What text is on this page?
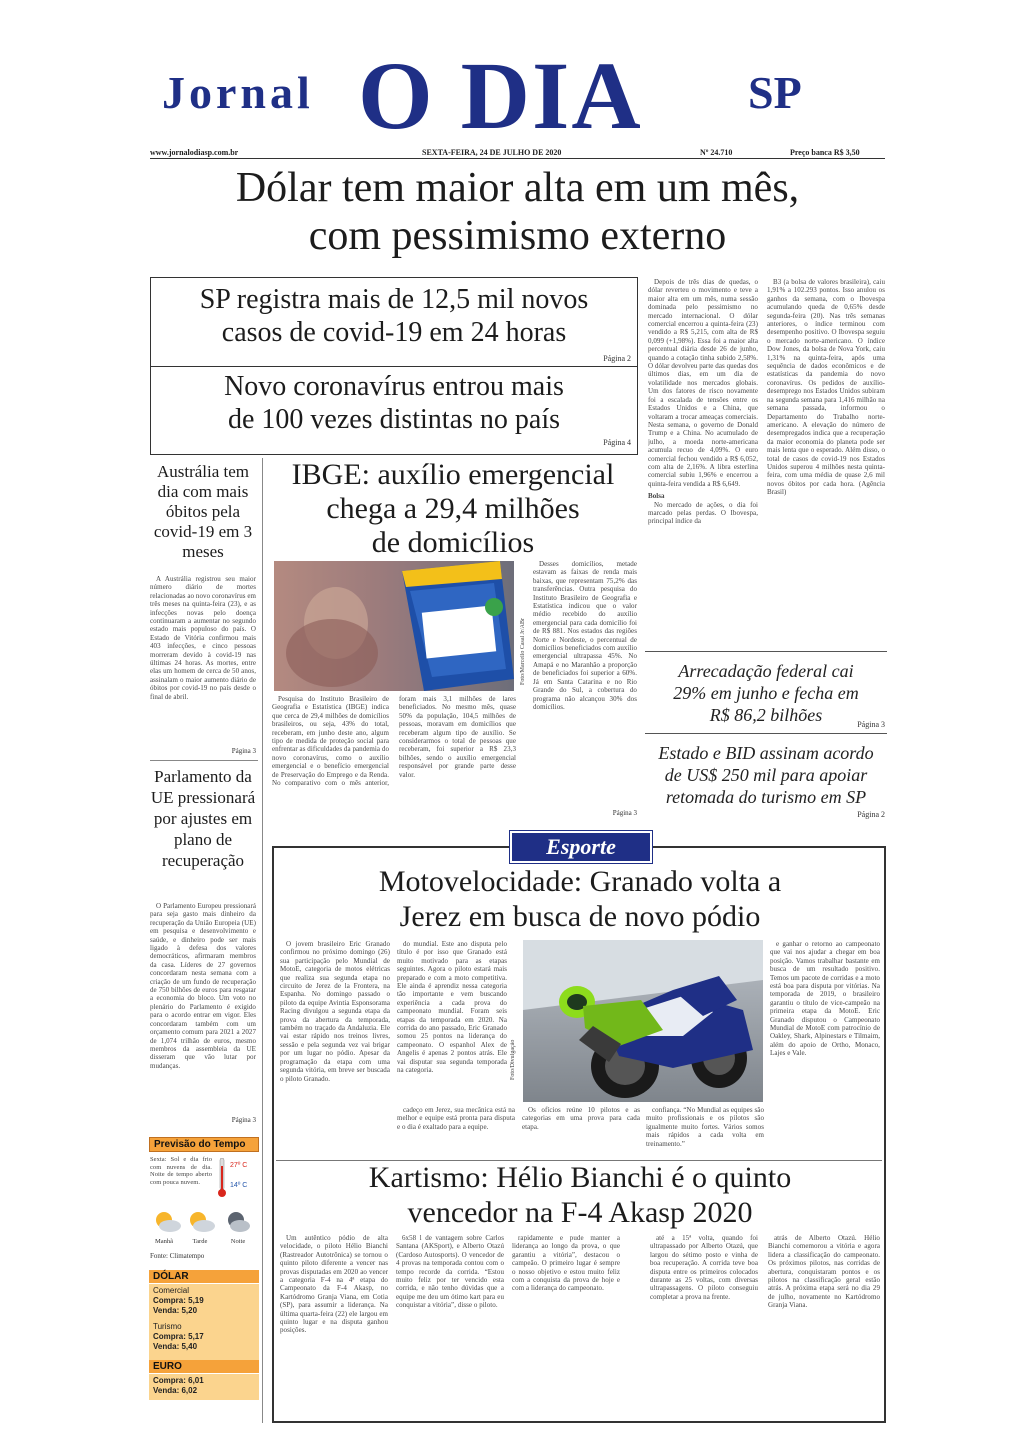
Jornal O DIA SP
www.jornalodiasp.com.br	SEXTA-FEIRA, 24 DE JULHO DE 2020	Nº 24.710	Preço banca R$ 3,50
Dólar tem maior alta em um mês,
com pessimismo externo
SP registra mais de 12,5 mil novos
casos de covid-19 em 24 horas
Página 2
Novo coronavírus entrou mais
de 100 vezes distintas no país
Página 4

Depois de três dias de quedas, o dólar reverteu o movimento e teve a maior alta em um mês, numa sessão dominada pelo pessimismo no mercado internacional. O dólar comercial encerrou a quinta-feira (23) vendido a R$ 5,215, com alta de R$ 0,099 (+1,98%). Essa foi a maior alta percentual diária desde 26 de junho, quando a cotação tinha subido 2,58%. O dólar devolveu parte das quedas dos últimos dias, em um dia de volatilidade nos mercados globais. Um dos fatores de risco novamente foi a escalada de tensões entre os Estados Unidos e a China, que voltaram a trocar ameaças comerciais. Nesta semana, o governo de Donald Trump e a China. No acumulado de julho, a moeda norte-americana acumula recuo de 4,09%. O euro comercial fechou vendido a R$ 6,052, com alta de 2,16%. A libra esterlina comercial subiu 1,96% e encerrou a quinta-feira vendida a R$ 6,649.

Bolsa

No mercado de ações, o dia foi marcado pelas perdas. O Ibovespa, principal índice da

B3 (a bolsa de valores brasileira), caiu 1,91% a 102.293 pontos. Isso anulou os ganhos da semana, com o Ibovespa acumulando queda de 0,65% desde segunda-feira (20). Nas três semanas anteriores, o índice terminou com desempenho positivo. O Ibovespa seguiu o mercado norte-americano. O índice Dow Jones, da bolsa de Nova York, caiu 1,31% na quinta-feira, após uma sequência de dados econômicos e de estatísticas da pandemia do novo coronavírus. Os pedidos de auxílio-desemprego nos Estados Unidos subiram na segunda semana para 1,416 milhão na semana passada, informou o Departamento do Trabalho norte-americano. A elevação do número de desempregados indica que a recuperação da maior economia do planeta pode ser mais lenta que o esperado. Além disso, o total de casos de covid-19 nos Estados Unidos superou 4 milhões nesta quinta-feira, com uma média de quase 2,6 mil novos óbitos por cada hora. (Agência Brasil)

Arrecadação federal cai
29% em junho e fecha em
R$ 86,2 bilhões	Página 3
Estado e BID assinam acordo
de US$ 250 mil para apoiar
retomada do turismo em SP
Página 2
Austrália tem dia com mais óbitos pela covid-19 em 3 meses

A Austrália registrou seu maior número diário de mortes relacionadas ao novo coronavírus em três meses na quinta-feira (23), e as infecções novas pelo doença continuaram a aumentar no segundo estado mais populoso do país. O Estado de Vitória confirmou mais 403 infecções, e cinco pessoas morreram devido à covid-19 nas últimas 24 horas. As mortes, entre elas um homem de cerca de 50 anos, assinalam o maior aumento diário de óbitos por covid-19 no país desde o final de abril.

Página 3
Parlamento da UE pressionará por ajustes em plano de recuperação

O Parlamento Europeu pressionará para seja gasto mais dinheiro da recuperação da União Europeia (UE) em pesquisa e desenvolvimento e saúde, e dinheiro pode ser mais ligado à defesa dos valores democráticos, afirmaram membros da casa. Líderes de 27 governos concordaram nesta semana com a criação de um fundo de recuperação de 750 bilhões de euros para resgatar a economia do bloco. Um voto no plenário do Parlamento é exigido para o acordo entrar em vigor. Eles concordaram também com um orçamento comum para 2021 a 2027 de 1,074 trilhão de euros, mesmo membros da assembleia da UE disseram que vão lutar por mudanças.

Página 3
Previsão do Tempo
Sexta: Sol e dia frio com nuvens de dia. Noite de tempo aberto com pouca nuvem.
27º C
14º C
Manhã	Tarde	Noite
Fonte: Climatempo
DÓLAR
Comercial
Compra: 5,19
Venda: 5,20
Turismo
Compra: 5,17
Venda: 5,40
EURO
Compra: 6,01
Venda: 6,02
IBGE: auxílio emergencial
chega a 29,4 milhões
de domicílios
Foto/Marcello Casal Jr/ABr

Desses domicílios, metade estavam as faixas de renda mais baixas, que representam 75,2% das transferências. Outra pesquisa do Instituto Brasileiro de Geografia e Estatística indicou que o valor médio recebido do auxílio emergencial para cada domicílio foi de R$ 881. Nos estados das regiões Norte e Nordeste, o percentual de domicílios beneficiados com auxílio emergencial ultrapassa 45%. No Amapá e no Maranhão a proporção de beneficiados foi superior a 60%. Já em Santa Catarina e no Rio Grande do Sul, a cobertura do programa não alcançou 30% dos domicílios.

Página 3

Pesquisa do Instituto Brasileiro de Geografia e Estatística (IBGE) indica que cerca de 29,4 milhões de domicílios brasileiros, ou seja, 43% do total, receberam, em junho deste ano, algum tipo de medida de proteção social para enfrentar as dificuldades da pandemia do novo coronavírus, como o auxílio emergencial e o benefício emergencial de Preservação do Emprego e da Renda. No comparativo com o mês anterior, foram mais 3,1 milhões de lares beneficiados. No mesmo mês, quase 50% da população, 104,5 milhões de pessoas, moravam em domicílios que receberam algum tipo de auxílio. Se considerarmos o total de pessoas que receberam, foi superior a R$ 23,3 bilhões, sendo o auxílio emergencial responsável por grande parte desse valor.

Esporte
Motovelocidade: Granado volta a
Jerez em busca de novo pódio

O jovem brasileiro Eric Granado confirmou no próximo domingo (26) sua participação pelo Mundial de MotoE, categoria de motos elétricas que realiza sua segunda etapa no circuito de Jerez de la Frontera, na Espanha. No domingo passado o piloto da equipe Avintia Esponsorama Racing divulgou a segunda etapa da prova da abertura da temporada, também no traçado da Andaluzia. Ele vai estar rápido nos treinos livres, sessão e pela segunda vez vai brigar por um lugar no pódio. Apesar da programação da etapa com uma segunda vitória, em breve ser buscada o piloto Granado.

do mundial. Este ano disputa pelo título é por isso que Granado está muito motivado para as etapas seguintes. Agora o piloto estará mais preparado e com a moto competitiva. Ele ainda é aprendiz nessa categoria tão importante e vem buscando experiência a cada prova do campeonato mundial. Foram seis etapas da temporada em 2020. Na corrida do ano passado, Eric Granado somou 25 pontos na liderança do campeonato. O espanhol Alex de Angelis é apenas 2 pontos atrás. Ele vai disputar sua segunda temporada na categoria.	Foto/Divulgação

e ganhar o retorno ao campeonato que vai nos ajudar a chegar em boa posição. Vamos trabalhar bastante em busca de um resultado positivo. Temos um pacote de corridas e a moto está boa para disputa por vitórias. Na temporada de 2019, o brasileiro garantiu o título de vice-campeão na primeira etapa da MotoE. Eric Granado disputou o Campeonato Mundial de MotoE com patrocínio de Oakley, Shark, Alpinestars e Tilmaim, além do apoio de Ortho, Monaco, Lajes e Vale.

Os ofícios reúne 10 pilotos e as categorias em uma prova para cada etapa.

confiança. “No Mundial as equipes são muito profissionais e os pilotos são igualmente muito fortes. Vários somos mais rápidos a cada volta em treinamento.”

cadeço em Jerez, sua mecânica está na melhor e equipe está pronta para disputa e o dia é exaltado para a equipe.

Kartismo: Hélio Bianchi é o quinto
vencedor na F-4 Akasp 2020

Um autêntico pódio de alta velocidade, o piloto Hélio Bianchi (Rastreador Autotrônica) se tornou o quinto piloto diferente a vencer nas provas disputadas em 2020 ao vencer a categoria F-4 na 4ª etapa do Campeonato da F-4 Akasp, no Kartódromo Granja Viana, em Cotia (SP), para assumir a liderança. Na última quarta-feira (22) ele largou em quinto lugar e na disputa ganhou posições.

6x58 l de vantagem sobre Carlos Santana (AKSport), e Alberto Otazú (Cardoso Autosports). O vencedor de 4 provas na temporada contou com o tempo recorde da corrida. “Estou muito feliz por ter vencido esta corrida, e não tenho dúvidas que a equipe me deu um ótimo kart para eu conquistar a vitória”, disse o piloto.

rapidamente e pude manter a liderança ao longo da prova, o que garantiu a vitória”, destacou o campeão. O primeiro lugar é sempre o nosso objetivo e estou muito feliz com a conquista da prova de hoje e com a liderança do campeonato.

até a 15ª volta, quando foi ultrapassado por Alberto Otazú, que largou do sétimo posto e vinha de boa recuperação. A corrida teve boa disputa entre os primeiros colocados durante as 25 voltas, com diversas ultrapassagens. O piloto conseguiu completar a prova na frente.

atrás de Alberto Otazú. Hélio Bianchi comemorou a vitória e agora lidera a classificação do campeonato. Os próximos pilotos, nas corridas de abertura, conquistaram pontos e os pilotos na classificação geral estão atrás. A próxima etapa será no dia 29 de julho, novamente no Kartódromo Granja Viana.
